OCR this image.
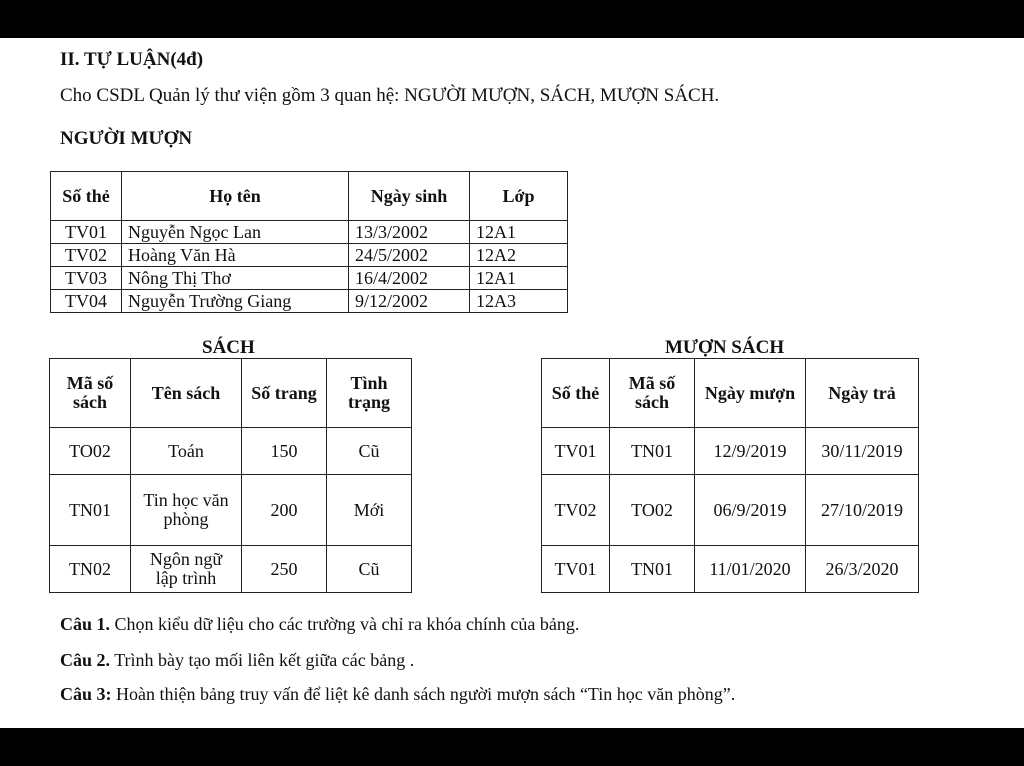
II. TỰ LUẬN(4đ)

Cho CSDL Quản lý thư viện gồm 3 quan hệ: NGƯỜI MƯỢN, SÁCH, MƯỢN SÁCH.

NGƯỜI MƯỢN

Số thẻ	Họ tên	Ngày sinh	Lớp
TV01	Nguyễn Ngọc Lan	13/3/2002	12A1
TV02	Hoàng Văn Hà	24/5/2002	12A2
TV03	Nông Thị Thơ	16/4/2002	12A1
TV04	Nguyễn Trường Giang	9/12/2002	12A3

SÁCH

Mã số sách	Tên sách	Số trang	Tình trạng
TO02	Toán	150	Cũ
TN01	Tin học văn phòng	200	Mới
TN02	Ngôn ngữ lập trình	250	Cũ

MƯỢN SÁCH

Số thẻ	Mã số sách	Ngày mượn	Ngày trả
TV01	TN01	12/9/2019	30/11/2019
TV02	TO02	06/9/2019	27/10/2019
TV01	TN01	11/01/2020	26/3/2020

Câu 1. Chọn kiểu dữ liệu cho các trường và chỉ ra khóa chính của bảng.

Câu 2. Trình bày tạo mối liên kết giữa các bảng .

Câu 3: Hoàn thiện bảng truy vấn để liệt kê danh sách người mượn sách “Tin học văn phòng”.
